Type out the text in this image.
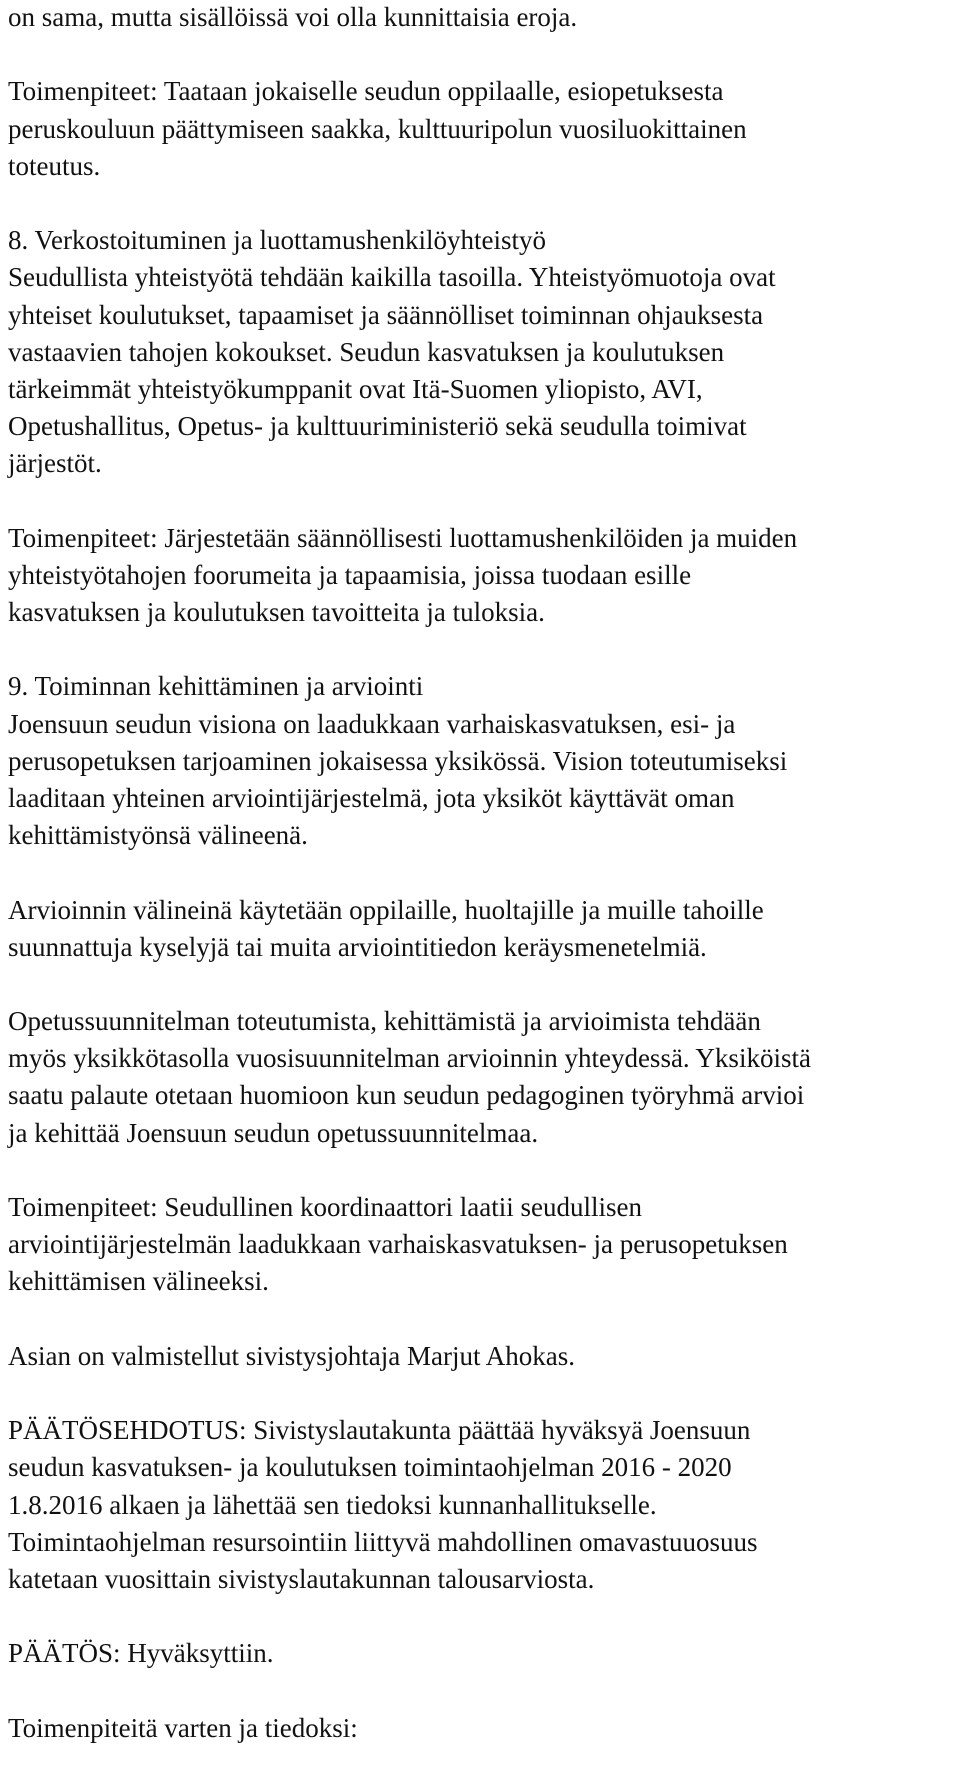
on sama, mutta sisällöissä voi olla kunnittaisia eroja.

Toimenpiteet: Taataan jokaiselle seudun oppilaalle, esiopetuksesta
peruskouluun päättymiseen saakka, kulttuuripolun vuosiluokittainen
toteutus.

8. Verkostoituminen ja luottamushenkilöyhteistyö
Seudullista yhteistyötä tehdään kaikilla tasoilla. Yhteistyömuotoja ovat
yhteiset koulutukset, tapaamiset ja säännölliset toiminnan ohjauksesta
vastaavien tahojen kokoukset. Seudun kasvatuksen ja koulutuksen
tärkeimmät yhteistyökumppanit ovat Itä-Suomen yliopisto, AVI,
Opetushallitus, Opetus- ja kulttuuriministeriö sekä seudulla toimivat
järjestöt.

Toimenpiteet: Järjestetään säännöllisesti luottamushenkilöiden ja muiden
yhteistyötahojen foorumeita ja tapaamisia, joissa tuodaan esille
kasvatuksen ja koulutuksen tavoitteita ja tuloksia.

9. Toiminnan kehittäminen ja arviointi
Joensuun seudun visiona on laadukkaan varhaiskasvatuksen, esi- ja
perusopetuksen tarjoaminen jokaisessa yksikössä. Vision toteutumiseksi
laaditaan yhteinen arviointijärjestelmä, jota yksiköt käyttävät oman
kehittämistyönsä välineenä.

Arvioinnin välineinä käytetään oppilaille, huoltajille ja muille tahoille
suunnattuja kyselyjä tai muita arviointitiedon keräysmenetelmiä.

Opetussuunnitelman toteutumista, kehittämistä ja arvioimista tehdään
myös yksikkötasolla vuosisuunnitelman arvioinnin yhteydessä. Yksiköistä
saatu palaute otetaan huomioon kun seudun pedagoginen työryhmä arvioi
ja kehittää Joensuun seudun opetussuunnitelmaa.

Toimenpiteet: Seudullinen koordinaattori laatii seudullisen
arviointijärjestelmän laadukkaan varhaiskasvatuksen- ja perusopetuksen
kehittämisen välineeksi.

Asian on valmistellut sivistysjohtaja Marjut Ahokas.

PÄÄTÖSEHDOTUS: Sivistyslautakunta päättää hyväksyä Joensuun
seudun kasvatuksen- ja koulutuksen toimintaohjelman 2016 - 2020
1.8.2016 alkaen ja lähettää sen tiedoksi kunnanhallitukselle.
Toimintaohjelman resursointiin liittyvä mahdollinen omavastuuosuus
katetaan vuosittain sivistyslautakunnan talousarviosta.

PÄÄTÖS: Hyväksyttiin.

Toimenpiteitä varten ja tiedoksi:
